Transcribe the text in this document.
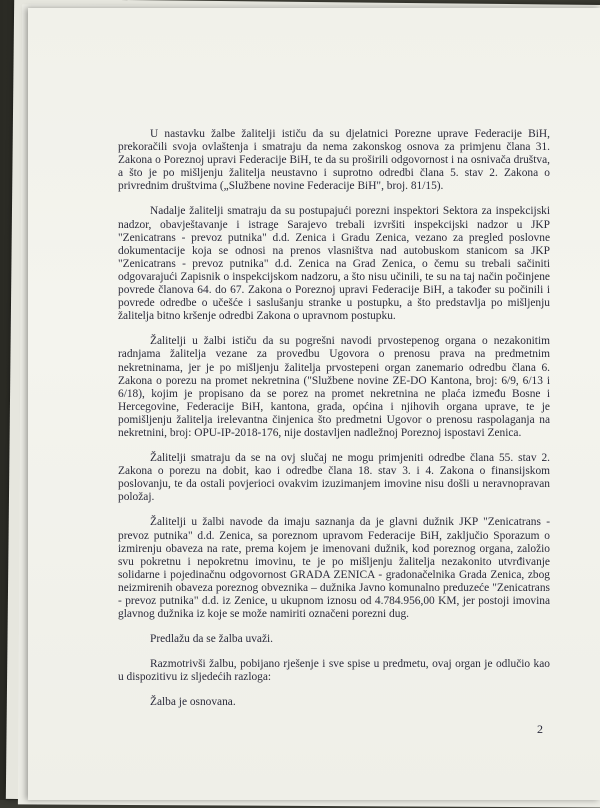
U nastavku žalbe žalitelji ističu da su djelatnici Porezne uprave Federacije BiH, prekoračili svoja ovlaštenja i smatraju da nema zakonskog osnova za primjenu člana 31. Zakona o Poreznoj upravi Federacije BiH, te da su proširili odgovornost i na osnivača društva, a što je po mišljenju žalitelja neustavno i suprotno odredbi člana 5. stav 2. Zakona o privrednim društvima („Službene novine Federacije BiH", broj. 81/15).

Nadalje žalitelji smatraju da su postupajući porezni inspektori Sektora za inspekcijski nadzor, obavještavanje i istrage Sarajevo trebali izvršiti inspekcijski nadzor u JKP "Zenicatrans - prevoz putnika" d.d. Zenica i Gradu Zenica, vezano za pregled poslovne dokumentacije koja se odnosi na prenos vlasništva nad autobuskom stanicom sa JKP "Zenicatrans - prevoz putnika" d.d. Zenica na Grad Zenica, o čemu su trebali sačiniti odgovarajući Zapisnik o inspekcijskom nadzoru, a što nisu učinili, te su na taj način počinjene povrede članova 64. do 67. Zakona o Poreznoj upravi Federacije BiH, a također su počinili i povrede odredbe o učešće i saslušanju stranke u postupku, a što predstavlja po mišljenju žalitelja bitno kršenje odredbi Zakona o upravnom postupku.

Žalitelji u žalbi ističu da su pogrešni navodi prvostepenog organa o nezakonitim radnjama žalitelja vezane za provedbu Ugovora o prenosu prava na predmetnim nekretninama, jer je po mišljenju žalitelja prvostepeni organ zanemario odredbu člana 6. Zakona o porezu na promet nekretnina ("Službene novine ZE-DO Kantona, broj: 6/9, 6/13 i 6/18), kojim je propisano da se porez na promet nekretnina ne plaća između Bosne i Hercegovine, Federacije BiH, kantona, grada, općina i njihovih organa uprave, te je pomišljenju žalitelja irelevantna činjenica što predmetni Ugovor o prenosu raspolaganja na nekretnini, broj: OPU-IP-2018-176, nije dostavljen nadležnoj Poreznoj ispostavi Zenica.

Žalitelji smatraju da se na ovj slučaj ne mogu primjeniti odredbe člana 55. stav 2. Zakona o porezu na dobit, kao i odredbe člana 18. stav 3. i 4. Zakona o finansijskom poslovanju, te da ostali povjerioci ovakvim izuzimanjem imovine nisu došli u neravnopravan položaj.

Žalitelji u žalbi navode da imaju saznanja da je glavni dužnik JKP "Zenicatrans - prevoz putnika" d.d. Zenica, sa poreznom upravom Federacije BiH, zaključio Sporazum o izmirenju obaveza na rate, prema kojem je imenovani dužnik, kod poreznog organa, založio svu pokretnu i nepokretnu imovinu, te je po mišljenju žalitelja nezakonito utvrđivanje solidarne i pojedinačnu odgovornost GRADA ZENICA - gradonačelnika Grada Zenica, zbog neizmirenih obaveza poreznog obveznika – dužnika Javno komunalno preduzeće "Zenicatrans - prevoz putnika" d.d. iz Zenice, u ukupnom iznosu od 4.784.956,00 KM, jer postoji imovina glavnog dužnika iz koje se može namiriti označeni porezni dug.

Predlažu da se žalba uvaži.

Razmotrivši žalbu, pobijano rješenje i sve spise u predmetu, ovaj organ je odlučio kao u dispozitivu iz sljedećih razloga:

Žalba je osnovana.

2
